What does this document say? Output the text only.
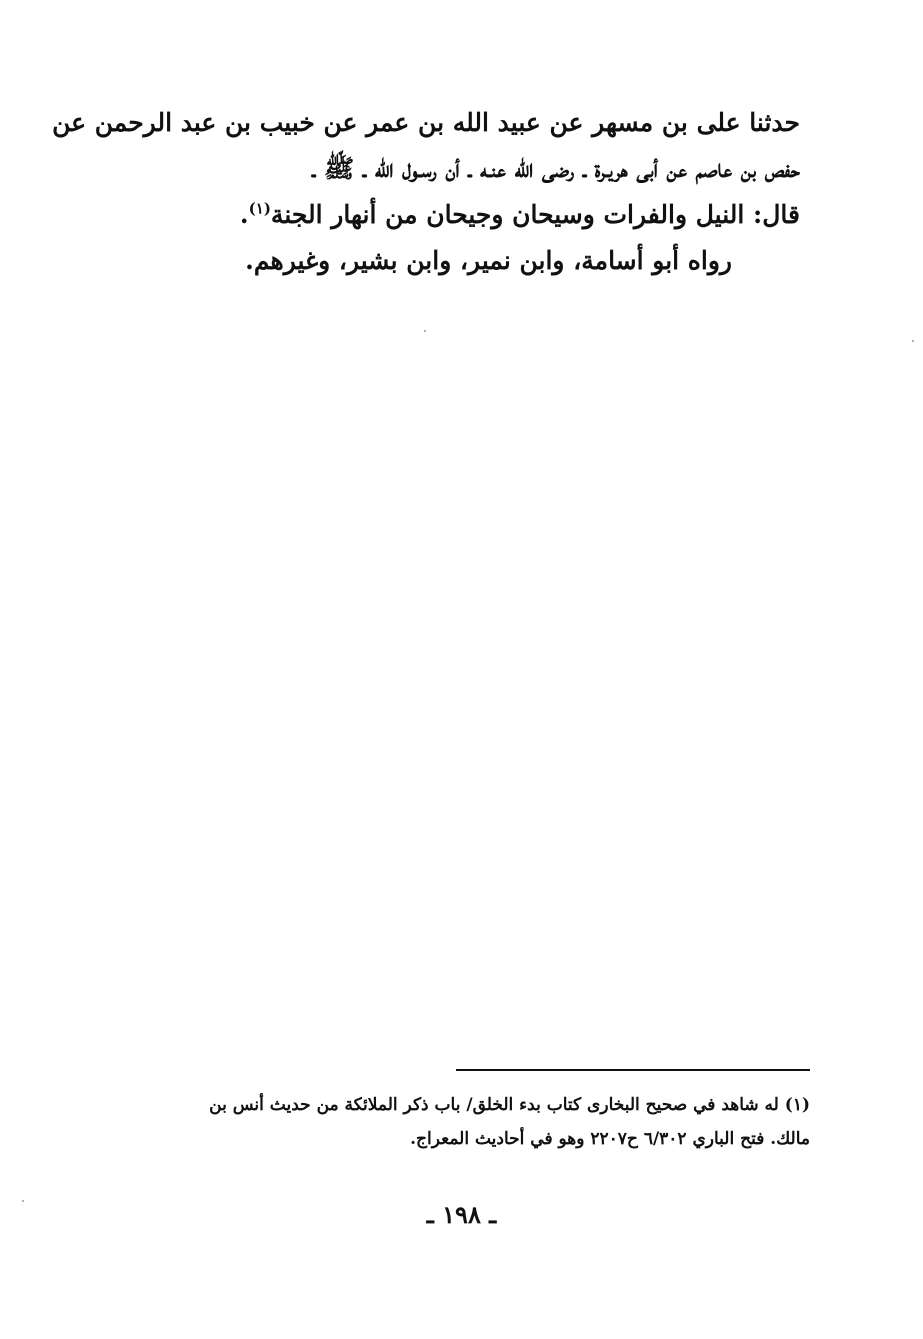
حدثنا على بن مسهر عن عبيد الله بن عمر عن خبيب بن عبد الرحمن عن
حفص بن عاصم عن أبى هريـرة ـ رضى الله عنـه ـ أن رسـول الله ـ ﷺ ـ
قال: النيل والفرات وسيحان وجيحان من أنهار الجنة$^{(١)}$.

رواه أبو أسامة، وابن نمير، وابن بشير، وغيرهم.

(١) له شاهد في صحيح البخارى كتاب بدء الخلق/ باب ذكر الملائكة من حديث أنس بن

مالك. فتح الباري ٦/٣٠٢ ح٢٢٠٧ وهو في أحاديث المعراج.

ـ ١٩٨ ـ
